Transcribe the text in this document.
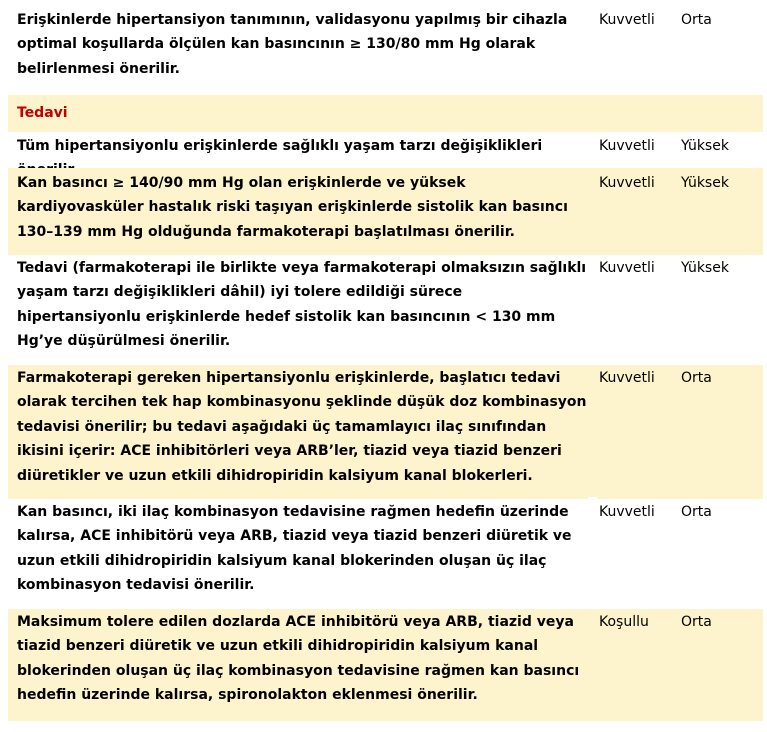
Erişkinlerde hipertansiyon tanımının, validasyonu yapılmış bir cihazla optimal koşullarda ölçülen kan basıncının ≥ 130/80 mm Hg olarak belirlenmesi önerilir.
Kuvvetli Orta
Tedavi
Tüm hipertansiyonlu erişkinlerde sağlıklı yaşam tarzı değişiklikleri	Kuvvetli Yüksek
Kan basıncı ≥ 140/90 mm Hg olan erişkinlerde ve yüksek kardiyovasküler hastalık riski taşıyan erişkinlerde sistolik kan basıncı 130–139 mm Hg olduğunda farmakoterapi başlatılması önerilir.
Kuvvetli Yüksek
Tedavi (farmakoterapi ile birlikte veya farmakoterapi olmaksızın sağlıklı yaşam tarzı değişiklikleri dâhil) iyi tolere edildiği sürece hipertansiyonlu erişkinlerde hedef sistolik kan basıncının < 130 mm Hg’ye düşürülmesi önerilir.
Kuvvetli Yüksek
Farmakoterapi gereken hipertansiyonlu erişkinlerde, başlatıcı tedavi olarak tercihen tek hap kombinasyonu şeklinde düşük doz kombinasyon tedavisi önerilir; bu tedavi aşağıdaki üç tamamlayıcı ilaç sınıfından ikisini içerir: ACE inhibitörleri veya ARB’ler, tiazid veya tiazid benzeri diüretikler ve uzun etkili dihidropiridin kalsiyum kanal blokerleri.
Kuvvetli Orta
Kan basıncı, iki ilaç kombinasyon tedavisine rağmen hedefin üzerinde kalırsa, ACE inhibitörü veya ARB, tiazid veya tiazid benzeri diüretik ve uzun etkili dihidropiridin kalsiyum kanal blokerinden oluşan üç ilaç kombinasyon tedavisi önerilir.
Kuvvetli Orta
Maksimum tolere edilen dozlarda ACE inhibitörü veya ARB, tiazid veya tiazid benzeri diüretik ve uzun etkili dihidropiridin kalsiyum kanal blokerinden oluşan üç ilaç kombinasyon tedavisine rağmen kan basıncı hedefin üzerinde kalırsa, spironolakton eklenmesi önerilir.
Koşullu Orta
